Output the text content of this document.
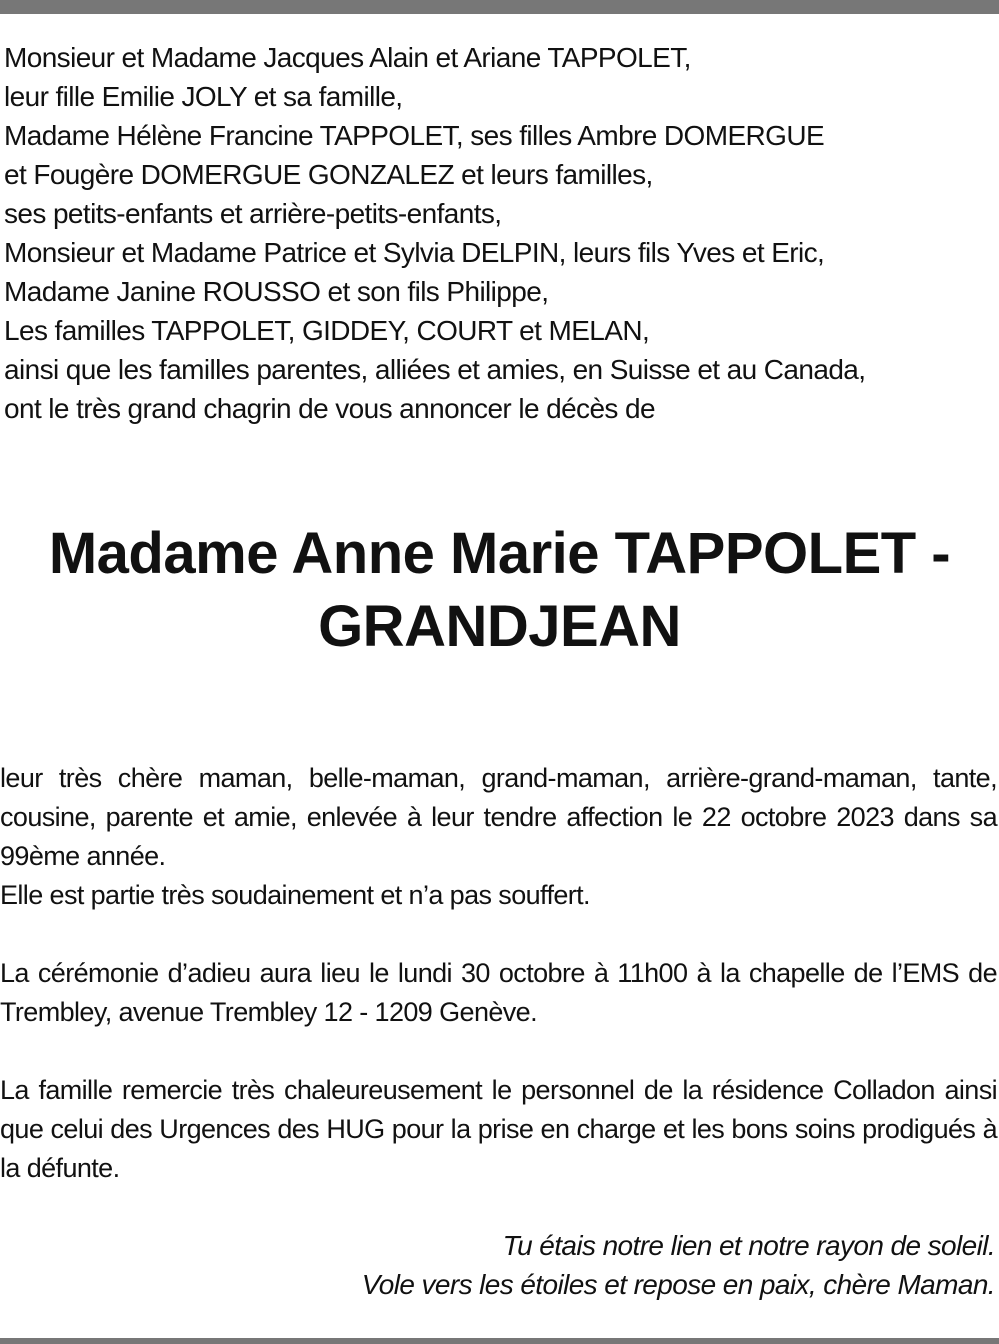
Monsieur et Madame Jacques Alain et Ariane TAPPOLET,
leur fille Emilie JOLY et sa famille,
Madame Hélène Francine TAPPOLET, ses filles Ambre DOMERGUE
et Fougère DOMERGUE GONZALEZ et leurs familles,
ses petits-enfants et arrière-petits-enfants,
Monsieur et Madame Patrice et Sylvia DELPIN, leurs fils Yves et Eric,
Madame Janine ROUSSO et son fils Philippe,
Les familles TAPPOLET, GIDDEY, COURT et MELAN,
ainsi que les familles parentes, alliées et amies, en Suisse et au Canada,
ont le très grand chagrin de vous annoncer le décès de
Madame Anne Marie TAPPOLET -
GRANDJEAN
leur très chère maman, belle-maman, grand-maman, arrière-grand-maman, tante, cousine, parente et amie, enlevée à leur tendre affection le 22 octobre 2023 dans sa 99ème année.
Elle est partie très soudainement et n’a pas souffert.
La cérémonie d’adieu aura lieu le lundi 30 octobre à 11h00 à la chapelle de l’EMS de Trembley, avenue Trembley 12 - 1209 Genève.
La famille remercie très chaleureusement le personnel de la résidence Colladon ainsi que celui des Urgences des HUG pour la prise en charge et les bons soins prodigués à la défunte.
Tu étais notre lien et notre rayon de soleil.
Vole vers les étoiles et repose en paix, chère Maman.
